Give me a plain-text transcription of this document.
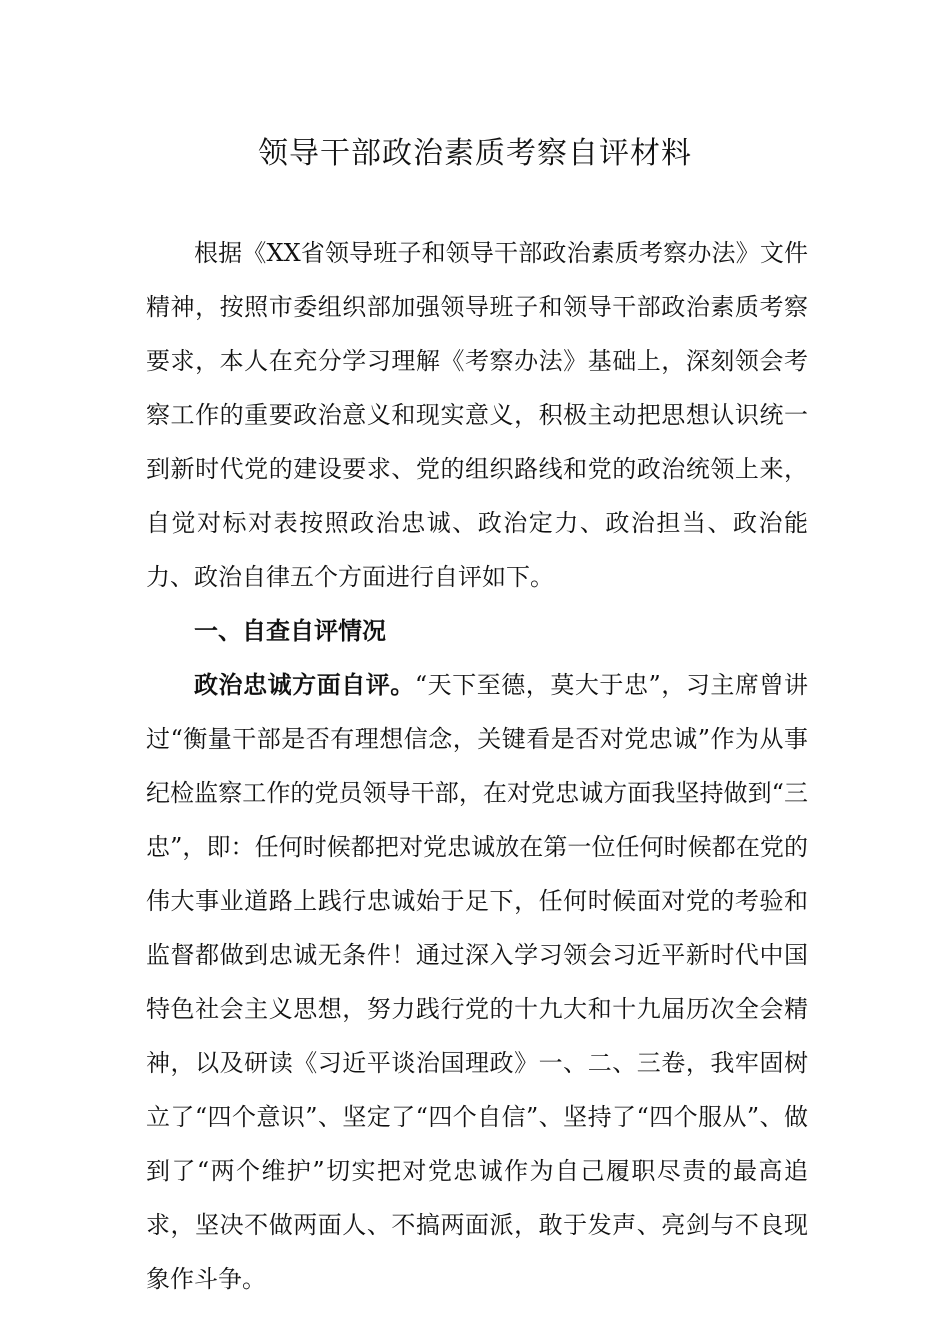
领导干部政治素质考察自评材料

根据《XX省领导班子和领导干部政治素质考察办法》文件精神，按照市委组织部加强领导班子和领导干部政治素质考察要求，本人在充分学习理解《考察办法》基础上，深刻领会考察工作的重要政治意义和现实意义，积极主动把思想认识统一到新时代党的建设要求、党的组织路线和党的政治统领上来，自觉对标对表按照政治忠诚、政治定力、政治担当、政治能力、政治自律五个方面进行自评如下。

一、自查自评情况

政治忠诚方面自评。“天下至德，莫大于忠”，习主席曾讲过“衡量干部是否有理想信念，关键看是否对党忠诚”作为从事纪检监察工作的党员领导干部，在对党忠诚方面我坚持做到“三忠”，即：任何时候都把对党忠诚放在第一位任何时候都在党的伟大事业道路上践行忠诚始于足下，任何时候面对党的考验和监督都做到忠诚无条件！通过深入学习领会习近平新时代中国特色社会主义思想，努力践行党的十九大和十九届历次全会精神，以及研读《习近平谈治国理政》一、二、三卷，我牢固树立了“四个意识”、坚定了“四个自信”、坚持了“四个服从”、做到了“两个维护”切实把对党忠诚作为自己履职尽责的最高追求，坚决不做两面人、不搞两面派，敢于发声、亮剑与不良现象作斗争。
